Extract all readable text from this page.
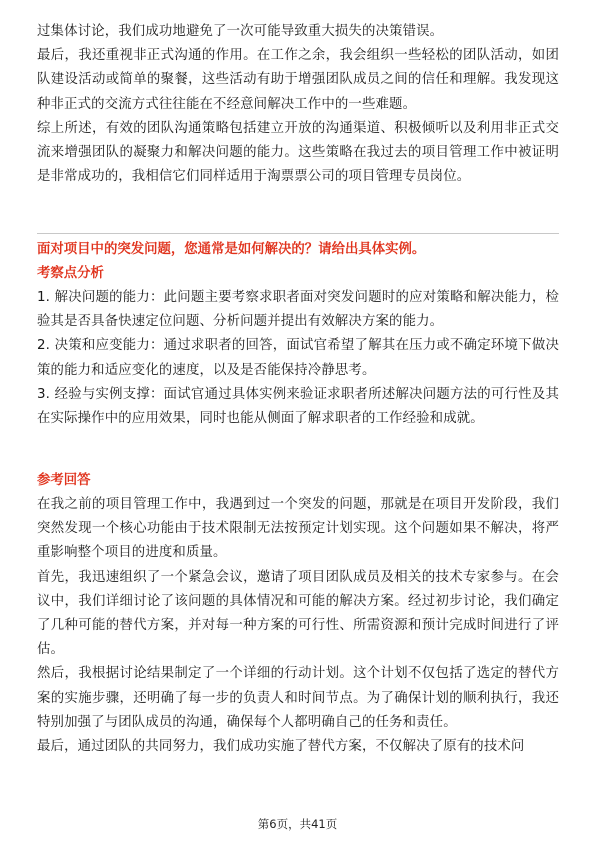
过集体讨论，我们成功地避免了一次可能导致重大损失的决策错误。

最后，我还重视非正式沟通的作用。在工作之余，我会组织一些轻松的团队活动，如团队建设活动或简单的聚餐，这些活动有助于增强团队成员之间的信任和理解。我发现这种非正式的交流方式往往能在不经意间解决工作中的一些难题。

综上所述，有效的团队沟通策略包括建立开放的沟通渠道、积极倾听以及利用非正式交流来增强团队的凝聚力和解决问题的能力。这些策略在我过去的项目管理工作中被证明是非常成功的，我相信它们同样适用于淘票票公司的项目管理专员岗位。

面对项目中的突发问题，您通常是如何解决的？请给出具体实例。
考察点分析

1. 解决问题的能力：此问题主要考察求职者面对突发问题时的应对策略和解决能力，检验其是否具备快速定位问题、分析问题并提出有效解决方案的能力。

2. 决策和应变能力：通过求职者的回答，面试官希望了解其在压力或不确定环境下做决策的能力和适应变化的速度，以及是否能保持冷静思考。

3. 经验与实例支撑：面试官通过具体实例来验证求职者所述解决问题方法的可行性及其在实际操作中的应用效果，同时也能从侧面了解求职者的工作经验和成就。

参考回答

在我之前的项目管理工作中，我遇到过一个突发的问题，那就是在项目开发阶段，我们突然发现一个核心功能由于技术限制无法按预定计划实现。这个问题如果不解决，将严重影响整个项目的进度和质量。

首先，我迅速组织了一个紧急会议，邀请了项目团队成员及相关的技术专家参与。在会议中，我们详细讨论了该问题的具体情况和可能的解决方案。经过初步讨论，我们确定了几种可能的替代方案，并对每一种方案的可行性、所需资源和预计完成时间进行了评估。

然后，我根据讨论结果制定了一个详细的行动计划。这个计划不仅包括了选定的替代方案的实施步骤，还明确了每一步的负责人和时间节点。为了确保计划的顺利执行，我还特别加强了与团队成员的沟通，确保每个人都明确自己的任务和责任。

最后，通过团队的共同努力，我们成功实施了替代方案，不仅解决了原有的技术问

第6页，共41页
